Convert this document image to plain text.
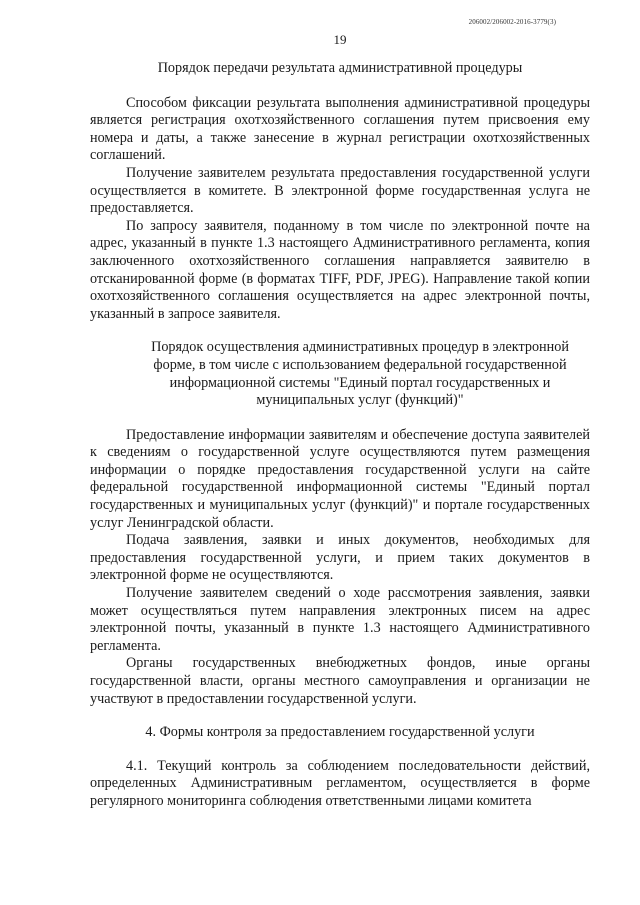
206002/206002-2016-3779(3)
19

Порядок передачи результата административной процедуры

Способом фиксации результата выполнения административной процедуры является регистрация охотхозяйственного соглашения путем присвоения ему номера и даты, а также занесение в журнал регистрации охотхозяйственных соглашений.

Получение заявителем результата предоставления государственной услуги осуществляется в комитете. В электронной форме государственная услуга не предоставляется.

По запросу заявителя, поданному в том числе по электронной почте на адрес, указанный в пункте 1.3 настоящего Административного регламента, копия заключенного охотхозяйственного соглашения направляется заявителю в отсканированной форме (в форматах TIFF, PDF, JPEG). Направление такой копии охотхозяйственного соглашения осуществляется на адрес электронной почты, указанный в запросе заявителя.

Порядок осуществления административных процедур в электронной форме, в том числе с использованием федеральной государственной информационной системы "Единый портал государственных и муниципальных услуг (функций)"

Предоставление информации заявителям и обеспечение доступа заявителей к сведениям о государственной услуге осуществляются путем размещения информации о порядке предоставления государственной услуги на сайте федеральной государственной информационной системы "Единый портал государственных и муниципальных услуг (функций)" и портале государственных услуг Ленинградской области.

Подача заявления, заявки и иных документов, необходимых для предоставления государственной услуги, и прием таких документов в электронной форме не осуществляются.

Получение заявителем сведений о ходе рассмотрения заявления, заявки может осуществляться путем направления электронных писем на адрес электронной почты, указанный в пункте 1.3 настоящего Административного регламента.

Органы государственных внебюджетных фондов, иные органы государственной власти, органы местного самоуправления и организации не участвуют в предоставлении государственной услуги.

4. Формы контроля за предоставлением государственной услуги

4.1. Текущий контроль за соблюдением последовательности действий, определенных Административным регламентом, осуществляется в форме регулярного мониторинга соблюдения ответственными лицами комитета
